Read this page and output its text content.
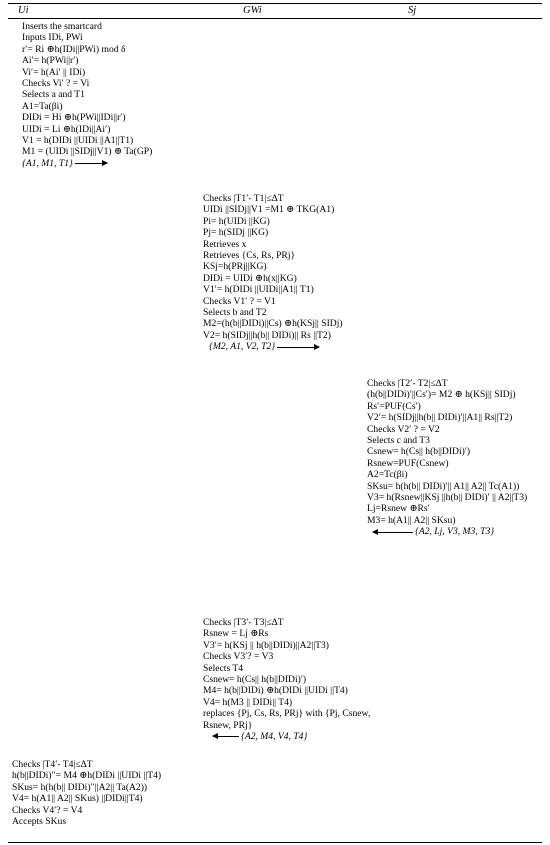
Ui	GWi	Sj
Inserts the smartcard
Inputs IDi, PWi
r′= Ri ⊕h(IDi||PWi) mod δ
Ai′= h(PWi||r′)
Vi′= h(Ai′ || IDi)
Checks Vi′ ? = Vi
Selects a and T1
A1=Ta(βi)
DIDi = Hi ⊕h(PWi||IDi||r′)
UIDi = Li ⊕h(IDi||Ai′)
V1 = h(DIDi ||UIDi ||A1||T1)
M1 = (UIDi ||SIDj||V1) ⊕ Ta(GP)
{A1, M1, T1}
Checks |T1′- T1|≤ΔT
UIDi ||SIDj||V1 =M1 ⊕ TKG(A1)
Pi= h(UIDi ||KG)
Pj= h(SIDj ||KG)
Retrieves x
Retrieves {Cs, Rs, PRj}
KSj=h(PRj||KG)
DIDi = UIDi ⊕h(x||KG)
V1′= h(DIDi ||UIDi||A1|| T1)
Checks V1′ ? = V1
Selects b and T2
M2=(h(b||DIDi)||Cs) ⊕h(KSj|| SIDj)
V2= h(SIDj||h(b|| DIDi)|| Rs ||T2)
{M2, A1, V2, T2}
Checks |T2′- T2|≤ΔT
(h(b||DIDi)′||Cs′)= M2 ⊕ h(KSj|| SIDj)
Rs′=PUF(Cs′)
V2′= h(SIDj||h(b|| DIDi)′||A1|| Rs||T2)
Checks V2′ ? = V2
Selects c and T3
Csnew= h(Cs|| h(b||DIDi)′)
Rsnew=PUF(Csnew)
A2=Tc(βi)
SKsu= h(h(b|| DIDi)′|| A1|| A2|| Tc(A1))
V3= h(Rsnew||KSj ||h(b|| DIDi)′ || A2||T3)
Lj=Rsnew ⊕Rs′
M3= h(A1|| A2|| SKsu)
{A2, Lj, V3, M3, T3}
Checks |T3′- T3|≤ΔT
Rsnew = Lj ⊕Rs
V3′= h(KSj || h(b||DIDi)||A2||T3)
Checks V3′? = V3
Selects T4
Csnew= h(Cs|| h(b||DIDi)′)
M4= h(b||DIDi) ⊕h(DIDi ||UIDi ||T4)
V4= h(M3 || DIDi|| T4)
replaces {Pj, Cs, Rs, PRj} with {Pj, Csnew,
Rsnew, PRj}
{A2, M4, V4, T4}
Checks |T4′- T4|≤ΔT
h(b||DIDi)′′= M4 ⊕h(DIDi ||UIDi ||T4)
SKus= h(h(b|| DIDi)′′||A2|| Ta(A2))
V4= h(A1|| A2|| SKus) ||DIDi||T4)
Checks V4′? = V4
Accepts SKus
